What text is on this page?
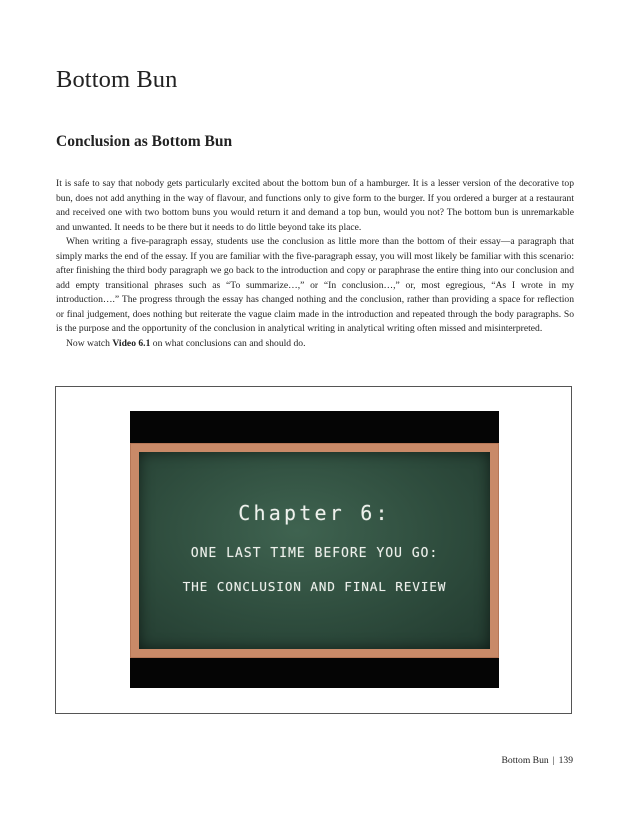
Bottom Bun
Conclusion as Bottom Bun

It is safe to say that nobody gets particularly excited about the bottom bun of a hamburger. It is a lesser version of the decorative top bun, does not add anything in the way of flavour, and functions only to give form to the burger. If you ordered a burger at a restaurant and received one with two bottom buns you would return it and demand a top bun, would you not? The bottom bun is unremarkable and unwanted. It needs to be there but it needs to do little beyond take its place.

When writing a five-paragraph essay, students use the conclusion as little more than the bottom of their essay—a paragraph that simply marks the end of the essay. If you are familiar with the five-paragraph essay, you will most likely be familiar with this scenario: after finishing the third body paragraph we go back to the introduction and copy or paraphrase the entire thing into our conclusion and add empty transitional phrases such as “To summarize…,” or “In conclusion…,” or, most egregious, “As I wrote in my introduction….” The progress through the essay has changed nothing and the conclusion, rather than providing a space for reflection or final judgement, does nothing but reiterate the vague claim made in the introduction and repeated through the body paragraphs. So is the purpose and the opportunity of the conclusion in analytical writing in analytical writing often missed and misinterpreted.

Now watch Video 6.1 on what conclusions can and should do.

Chapter 6:
ONE LAST TIME BEFORE YOU GO:
THE CONCLUSION AND FINAL REVIEW
Bottom Bun | 139
